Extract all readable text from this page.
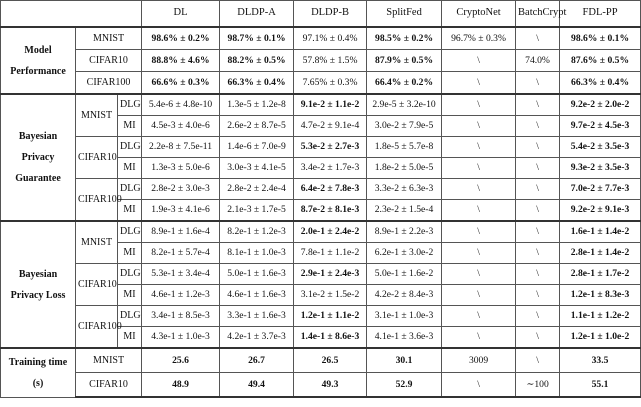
			DL	DLDP-A	DLDP-B	SplitFed	CryptoNet	BatchCrypt	FDL-PP
Model Performance	MNIST		98.6% ± 0.2%	98.7% ± 0.1%	97.1% ± 0.4%	98.5% ± 0.2%	96.7% ± 0.3%	\	98.6% ± 0.1%
	CIFAR10		88.8% ± 4.6%	88.2% ± 0.5%	57.8% ± 1.5%	87.9% ± 0.5%	\	74.0%	87.6% ± 0.5%
	CIFAR100		66.6% ± 0.3%	66.3% ± 0.4%	7.65% ± 0.3%	66.4% ± 0.2%	\	\	66.3% ± 0.4%
Bayesian Privacy Guarantee	MNIST	DLG	5.4e-6 ± 4.8e-10	1.3e-5 ± 1.2e-8	9.1e-2 ± 1.1e-2	2.9e-5 ± 3.2e-10	\	\	9.2e-2 ± 2.0e-2
		MI	4.5e-3 ± 4.0e-6	2.6e-2 ± 8.7e-5	4.7e-2 ± 9.1e-4	3.0e-2 ± 7.9e-5	\	\	9.7e-2 ± 4.5e-3
	CIFAR10	DLG	2.2e-8 ± 7.5e-11	1.4e-6 ± 7.0e-9	5.3e-2 ± 2.7e-3	1.8e-5 ± 5.7e-8	\	\	5.4e-2 ± 3.5e-3
		MI	1.3e-3 ± 5.0e-6	3.0e-3 ± 4.1e-5	3.4e-2 ± 1.7e-3	1.8e-2 ± 5.0e-5	\	\	9.3e-2 ± 3.5e-3
	CIFAR100	DLG	2.8e-2 ± 3.0e-3	2.8e-2 ± 2.4e-4	6.4e-2 ± 7.8e-3	3.3e-2 ± 6.3e-3	\	\	7.0e-2 ± 7.7e-3
		MI	1.9e-3 ± 4.1e-6	2.1e-3 ± 1.7e-5	8.7e-2 ± 8.1e-3	2.3e-2 ± 1.5e-4	\	\	9.2e-2 ± 9.1e-3
Bayesian Privacy Loss	MNIST	DLG	8.9e-1 ± 1.6e-4	8.2e-1 ± 1.2e-3	2.0e-1 ± 2.4e-2	8.9e-1 ± 2.2e-3	\	\	1.6e-1 ± 1.4e-2
		MI	8.2e-1 ± 5.7e-4	8.1e-1 ± 1.0e-3	7.8e-1 ± 1.1e-2	6.2e-1 ± 3.0e-2	\	\	2.8e-1 ± 1.4e-2
	CIFAR10	DLG	5.3e-1 ± 3.4e-4	5.0e-1 ± 1.6e-3	2.9e-1 ± 2.4e-3	5.0e-1 ± 1.6e-2	\	\	2.8e-1 ± 1.7e-2
		MI	4.6e-1 ± 1.2e-3	4.6e-1 ± 1.6e-3	3.1e-2 ± 1.5e-2	4.2e-2 ± 8.4e-3	\	\	1.2e-1 ± 8.3e-3
	CIFAR100	DLG	3.4e-1 ± 8.5e-3	3.3e-1 ± 1.6e-3	1.2e-1 ± 1.1e-2	3.1e-1 ± 1.0e-3	\	\	1.1e-1 ± 1.2e-2
		MI	4.3e-1 ± 1.0e-3	4.2e-1 ± 3.7e-3	1.4e-1 ± 8.6e-3	4.1e-1 ± 3.6e-3	\	\	1.2e-1 ± 1.0e-2
Training time (s)	MNIST		25.6	26.7	26.5	30.1	3009	\	33.5
	CIFAR10		48.9	49.4	49.3	52.9	\	∼100	55.1
